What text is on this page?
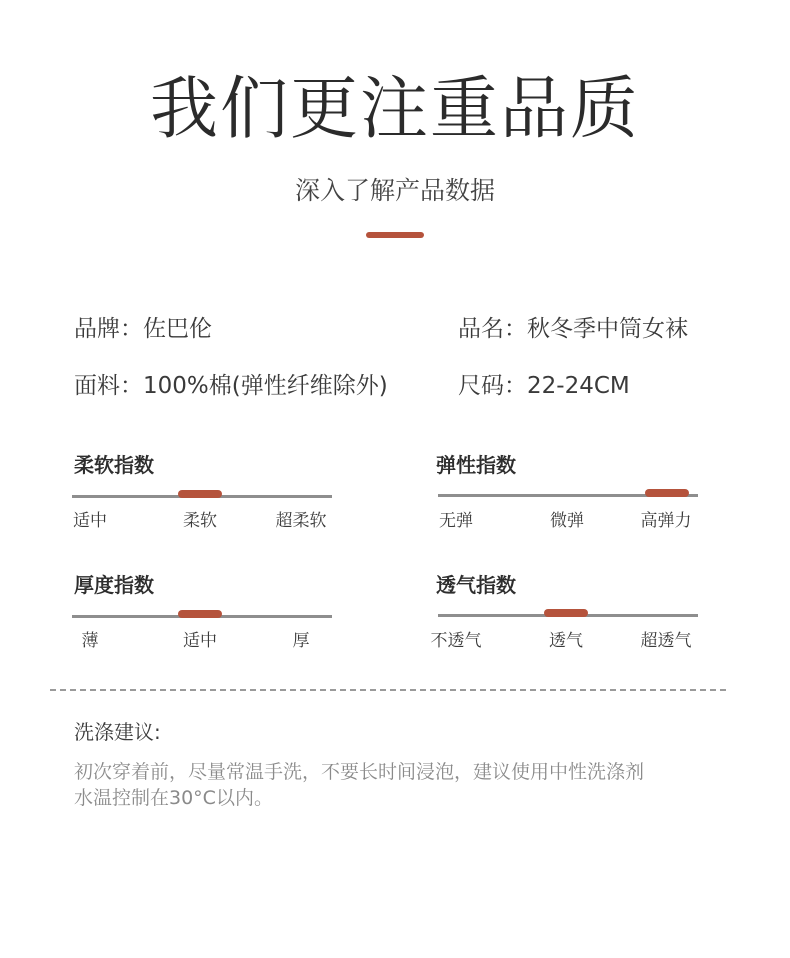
我们更注重品质
深入了解产品数据
品牌：佐巴伦	品名：秋冬季中筒女袜
面料：100%棉(弹性纤维除外)	尺码：22-24CM
柔软指数
适中	柔软	超柔软
弹性指数
无弹	微弹	高弹力
厚度指数
薄	适中	厚
透气指数
不透气	透气	超透气
洗涤建议:
初次穿着前，尽量常温手洗，不要长时间浸泡，建议使用中性洗涤剂
水温控制在30°C以内。
